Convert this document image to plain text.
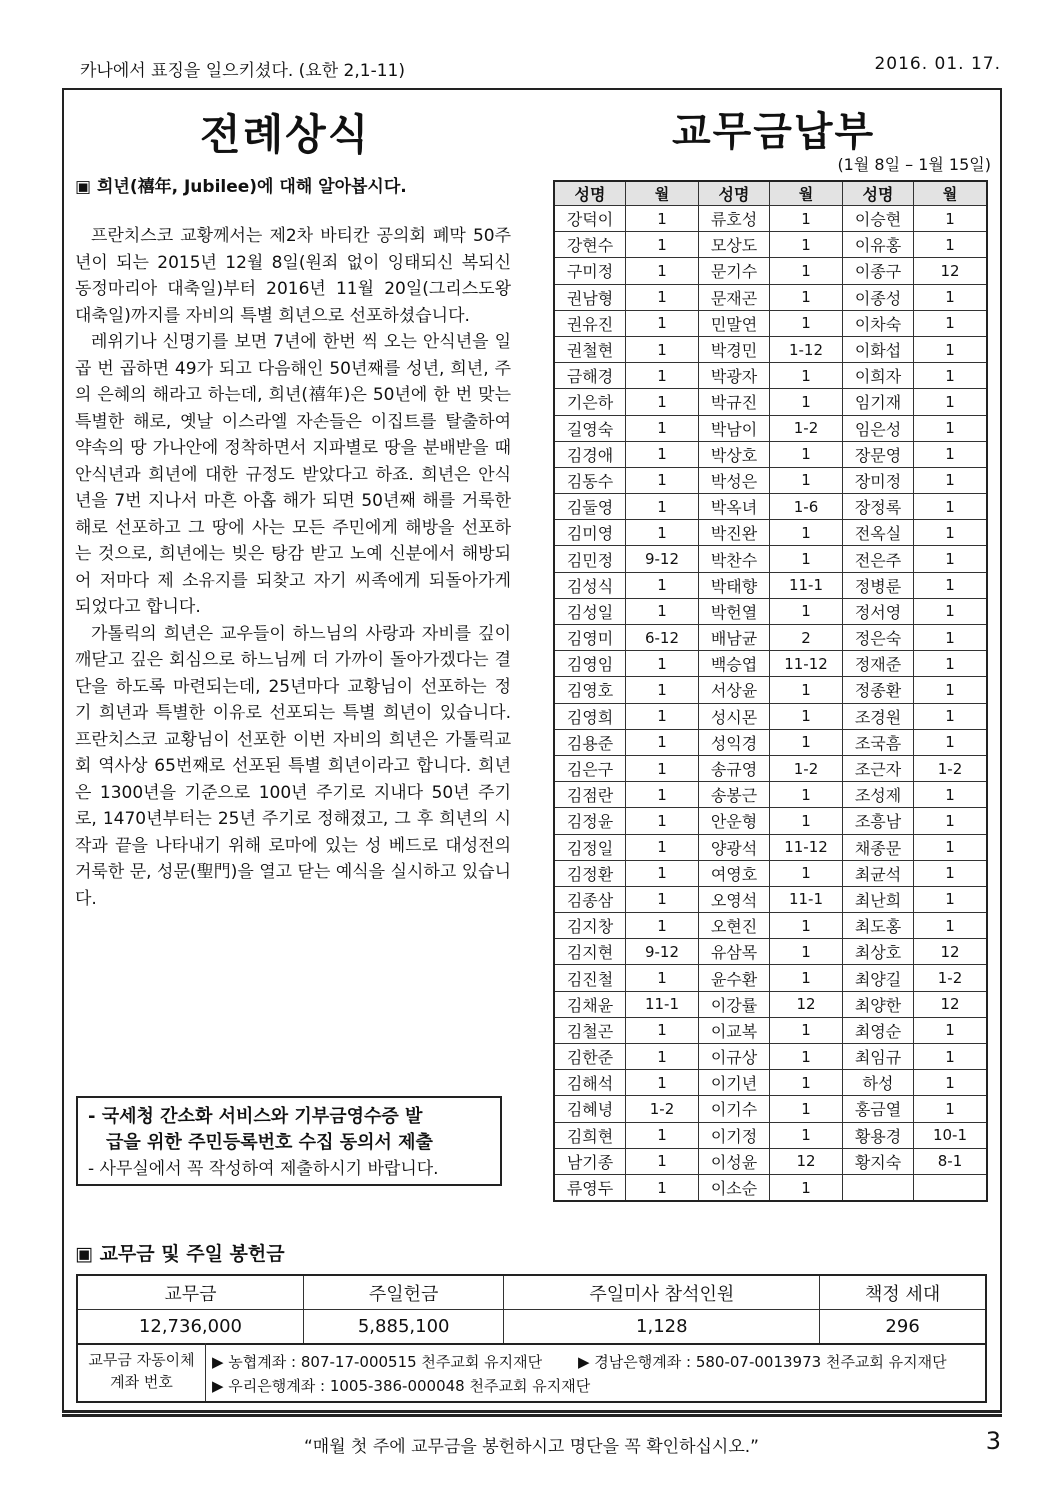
카나에서 표징을 일으키셨다. (요한 2,1-11)	2016. 01. 17.
전례상식	교무금납부
(1월 8일 – 1월 15일)
▣ 희년(禧年, Jubilee)에 대해 알아봅시다.

프란치스코 교황께서는 제2차 바티칸 공의회 폐막 50주년이 되는 2015년 12월 8일(원죄 없이 잉태되신 복되신 동정마리아 대축일)부터 2016년 11월 20일(그리스도왕 대축일)까지를 자비의 특별 희년으로 선포하셨습니다.

레위기나 신명기를 보면 7년에 한번 씩 오는 안식년을 일곱 번 곱하면 49가 되고 다음해인 50년째를 성년, 희년, 주의 은혜의 해라고 하는데, 희년(禧年)은 50년에 한 번 맞는 특별한 해로, 옛날 이스라엘 자손들은 이집트를 탈출하여 약속의 땅 가나안에 정착하면서 지파별로 땅을 분배받을 때 안식년과 희년에 대한 규정도 받았다고 하죠. 희년은 안식년을 7번 지나서 마흔 아홉 해가 되면 50년째 해를 거룩한 해로 선포하고 그 땅에 사는 모든 주민에게 해방을 선포하는 것으로, 희년에는 빚은 탕감 받고 노예 신분에서 해방되어 저마다 제 소유지를 되찾고 자기 씨족에게 되돌아가게 되었다고 합니다.

가톨릭의 희년은 교우들이 하느님의 사랑과 자비를 깊이 깨닫고 깊은 회심으로 하느님께 더 가까이 돌아가겠다는 결단을 하도록 마련되는데, 25년마다 교황님이 선포하는 정기 희년과 특별한 이유로 선포되는 특별 희년이 있습니다. 프란치스코 교황님이 선포한 이번 자비의 희년은 가톨릭교회 역사상 65번째로 선포된 특별 희년이라고 합니다. 희년은 1300년을 기준으로 100년 주기로 지내다 50년 주기로, 1470년부터는 25년 주기로 정해졌고, 그 후 희년의 시작과 끝을 나타내기 위해 로마에 있는 성 베드로 대성전의 거룩한 문, 성문(聖門)을 열고 닫는 예식을 실시하고 있습니다.

- 국세청 간소화 서비스와 기부금영수증 발
급을 위한 주민등록번호 수집 동의서 제출
- 사무실에서 꼭 작성하여 제출하시기 바랍니다.
성명	월	성명	월	성명	월
강덕이	1	류호성	1	이승현	1
강현수	1	모상도	1	이유홍	1
구미정	1	문기수	1	이종구	12
권남형	1	문재곤	1	이종성	1
권유진	1	민말연	1	이차숙	1
권철현	1	박경민	1-12	이화섭	1
금해경	1	박광자	1	이희자	1
기은하	1	박규진	1	임기재	1
길영숙	1	박남이	1-2	임은성	1
김경애	1	박상호	1	장문영	1
김동수	1	박성은	1	장미정	1
김둘영	1	박옥녀	1-6	장정록	1
김미영	1	박진완	1	전옥실	1
김민정	9-12	박찬수	1	전은주	1
김성식	1	박태향	11-1	정병룬	1
김성일	1	박헌열	1	정서영	1
김영미	6-12	배남균	2	정은숙	1
김영임	1	백승엽	11-12	정재준	1
김영호	1	서상윤	1	정종환	1
김영희	1	성시몬	1	조경원	1
김용준	1	성익경	1	조국흠	1
김은구	1	송규영	1-2	조근자	1-2
김점란	1	송봉근	1	조성제	1
김정윤	1	안운형	1	조흥남	1
김정일	1	양광석	11-12	채종문	1
김정환	1	여영호	1	최균석	1
김종삼	1	오영석	11-1	최난희	1
김지창	1	오현진	1	최도홍	1
김지현	9-12	유삼목	1	최상호	12
김진철	1	윤수환	1	최양길	1-2
김채윤	11-1	이강률	12	최양한	12
김철곤	1	이교복	1	최영순	1
김한준	1	이규상	1	최임규	1
김해석	1	이기년	1	하성	1
김혜녕	1-2	이기수	1	홍금열	1
김희현	1	이기정	1	황용경	10-1
남기종	1	이성윤	12	황지숙	8-1
류영두	1	이소순	1		
▣ 교무금 및 주일 봉헌금
교무금	주일헌금	주일미사 참석인원	책정 세대
12,736,000	5,885,100	1,128	296
교무금 자동이체
계좌 번호
▶ 농협계좌 : 807-17-000515 천주교회 유지재단 ▶ 경남은행계좌 : 580-07-0013973 천주교회 유지재단
▶ 우리은행계좌 : 1005-386-000048 천주교회 유지재단
“매월 첫 주에 교무금을 봉헌하시고 명단을 꼭 확인하십시오.”	3
